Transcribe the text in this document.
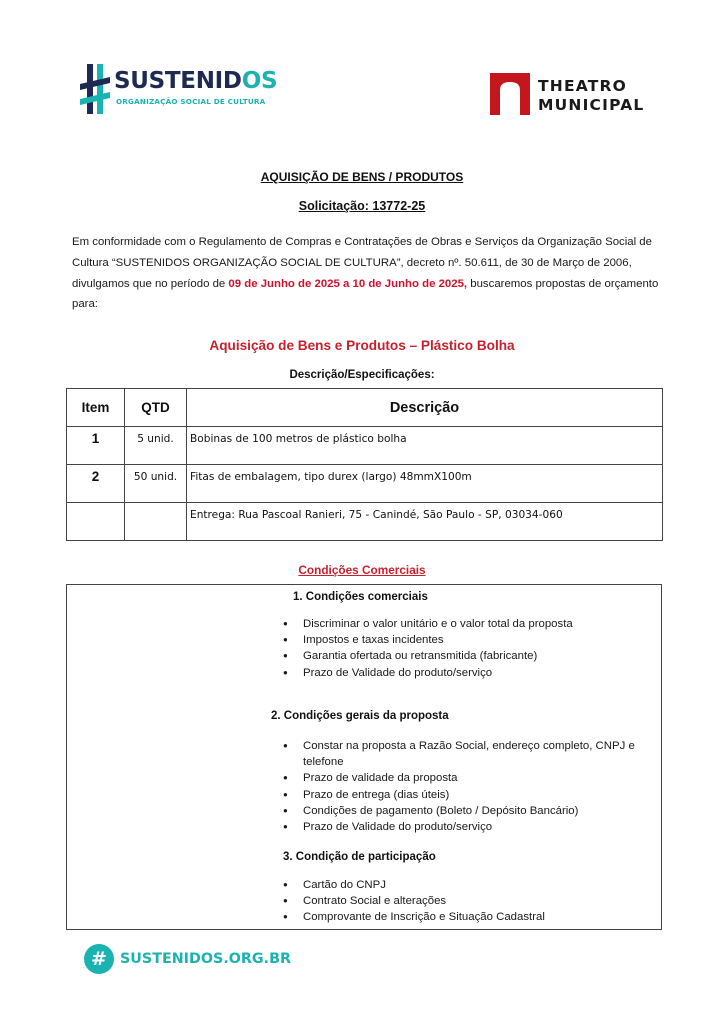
SUSTENIDOS
ORGANIZAÇÃO SOCIAL DE CULTURA
THEATRO
MUNICIPAL
AQUISIÇÃO DE BENS / PRODUTOS
Solicitação: 13772-25

Em conformidade com o Regulamento de Compras e Contratações de Obras e Serviços da Organização Social de Cultura “SUSTENIDOS ORGANIZAÇÃO SOCIAL DE CULTURA”, decreto nº. 50.611, de 30 de Março de 2006, divulgamos que no período de 09 de Junho de 2025 a 10 de Junho de 2025, buscaremos propostas de orçamento para:

Aquisição de Bens e Produtos – Plástico Bolha
Descrição/Especificações:
Item	QTD	Descrição
1	5 unid.	Bobinas de 100 metros de plástico bolha
2	50 unid.	Fitas de embalagem, tipo durex (largo) 48mmX100m
		Entrega: Rua Pascoal Ranieri, 75 - Canindé, São Paulo - SP, 03034-060
Condições Comerciais
1. Condições comerciais
● Discriminar o valor unitário e o valor total da proposta
● Impostos e taxas incidentes
● Garantia ofertada ou retransmitida (fabricante)
● Prazo de Validade do produto/serviço
2. Condições gerais da proposta
● Constar na proposta a Razão Social, endereço completo, CNPJ e telefone
● Prazo de validade da proposta
● Prazo de entrega (dias úteis)
● Condições de pagamento (Boleto / Depósito Bancário)
● Prazo de Validade do produto/serviço
3. Condição de participação
● Cartão do CNPJ
● Contrato Social e alterações
● Comprovante de Inscrição e Situação Cadastral
# SUSTENIDOS.ORG.BR
